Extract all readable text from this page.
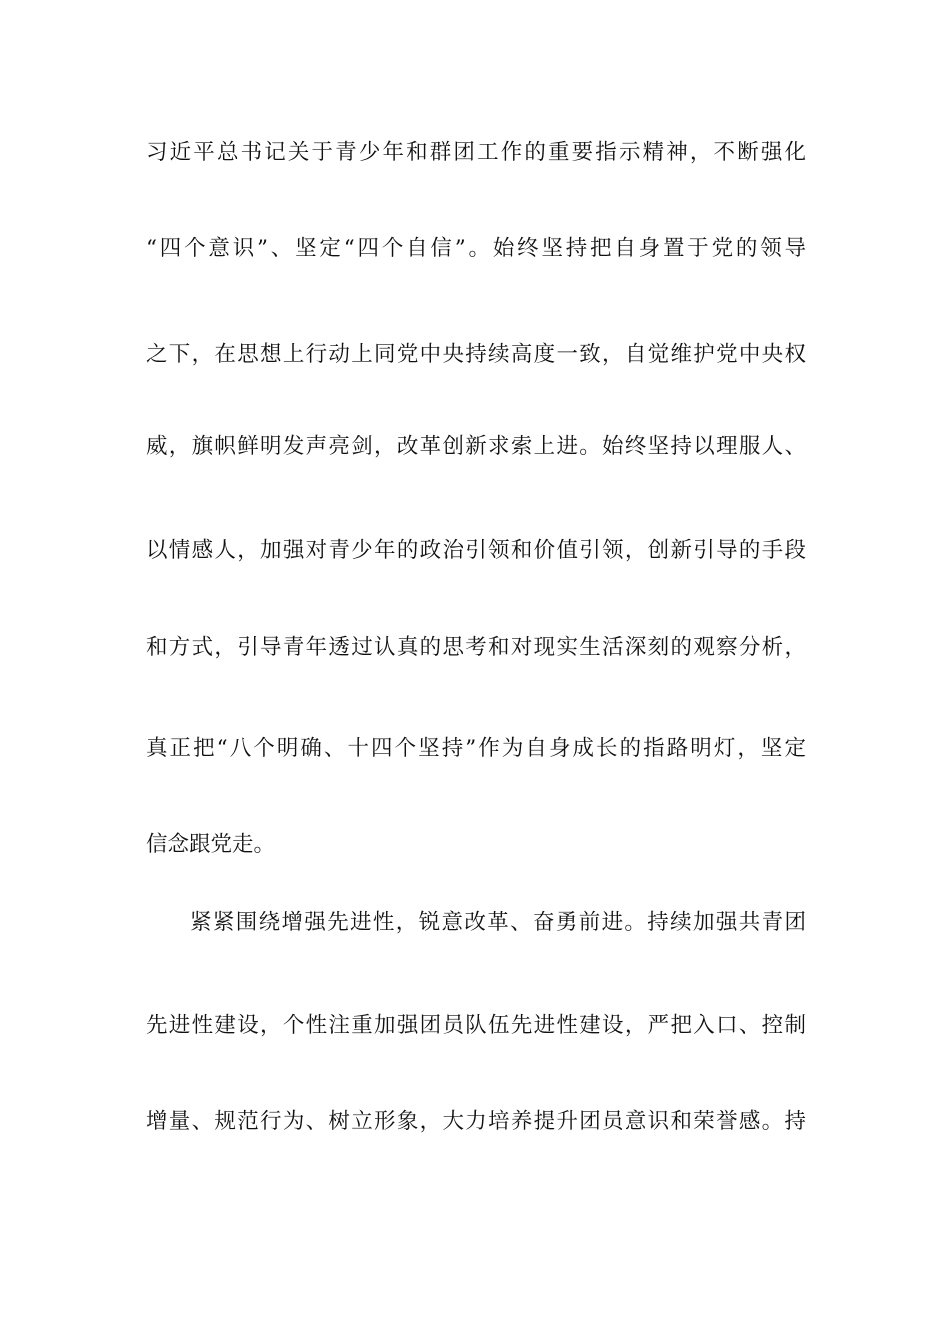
习近平总书记关于青少年和群团工作的重要指示精神，不断强化
“四个意识”、坚定“四个自信”。始终坚持把自身置于党的领导
之下，在思想上行动上同党中央持续高度一致，自觉维护党中央权
威，旗帜鲜明发声亮剑，改革创新求索上进。始终坚持以理服人、
以情感人，加强对青少年的政治引领和价值引领，创新引导的手段
和方式，引导青年透过认真的思考和对现实生活深刻的观察分析，
真正把“八个明确、十四个坚持”作为自身成长的指路明灯，坚定
信念跟党走。
紧紧围绕增强先进性，锐意改革、奋勇前进。持续加强共青团
先进性建设，个性注重加强团员队伍先进性建设，严把入口、控制
增量、规范行为、树立形象，大力培养提升团员意识和荣誉感。持
